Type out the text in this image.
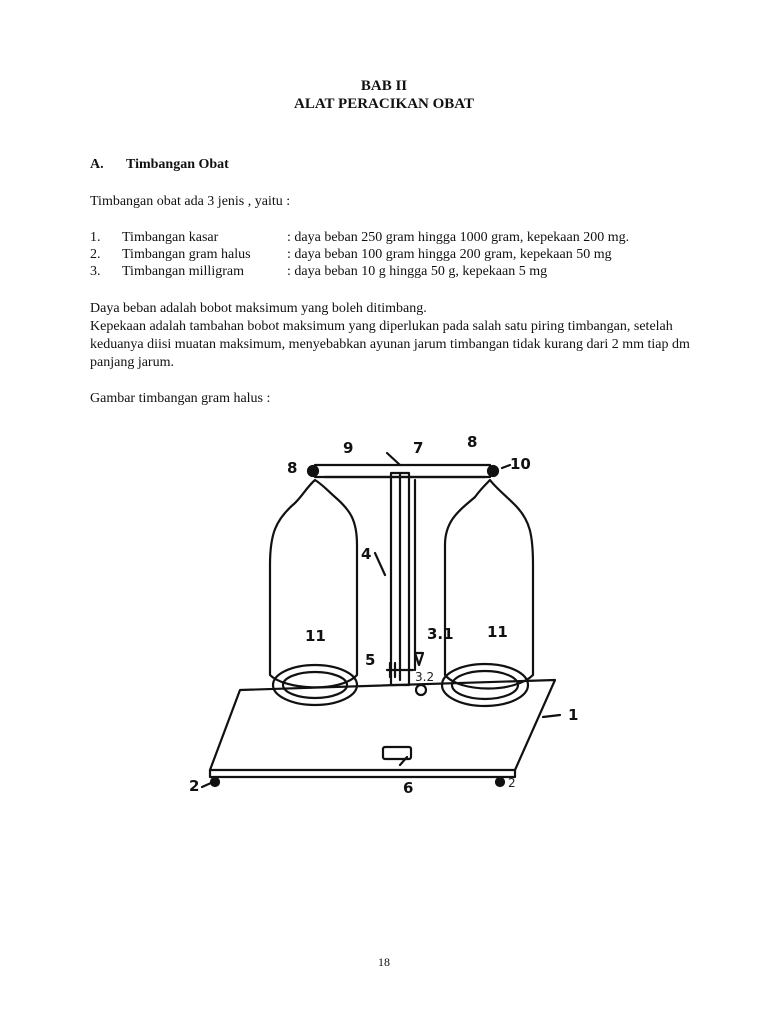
BAB II
ALAT PERACIKAN OBAT
A. Timbangan Obat
Timbangan obat ada 3 jenis , yaitu :
1. Timbangan kasar	: daya beban 250 gram hingga 1000 gram, kepekaan 200 mg.
2. Timbangan gram halus	: daya beban 100 gram hingga 200 gram, kepekaan 50 mg
3. Timbangan milligram	: daya beban 10 g hingga 50 g, kepekaan 5 mg

Daya beban adalah bobot maksimum yang boleh ditimbang.

Kepekaan adalah tambahan bobot maksimum yang diperlukan pada salah satu piring timbangan, setelah keduanya diisi muatan maksimum, menyebabkan ayunan jarum timbangan tidak kurang dari 2 mm tiap dm panjang jarum.

Gambar timbangan gram halus :
9	7	8
8	10
4
11	11
3.1
3.2
5
1
2	2
6
18
